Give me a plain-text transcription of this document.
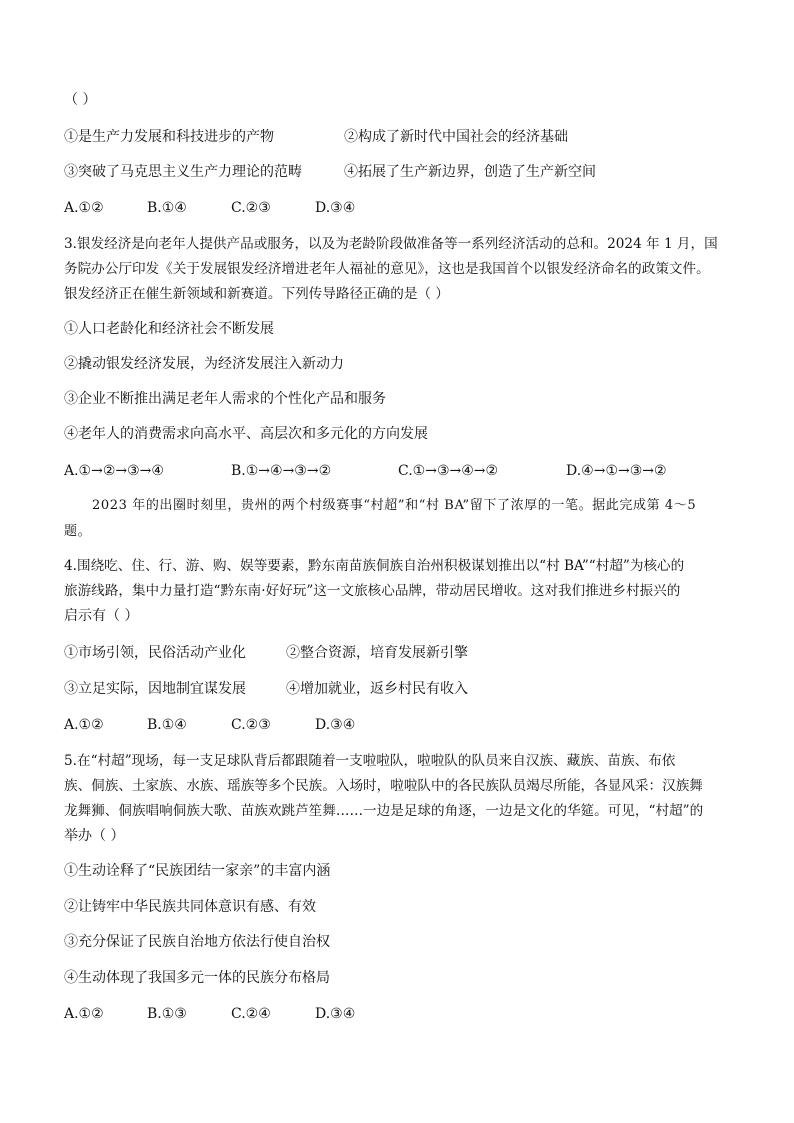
（ ）
①是生产力发展和科技进步的产物	②构成了新时代中国社会的经济基础
③突破了马克思主义生产力理论的范畴	④拓展了生产新边界，创造了生产新空间
A.①②	B.①④	C.②③	D.③④
3.银发经济是向老年人提供产品或服务，以及为老龄阶段做准备等一系列经济活动的总和。2024 年 1 月，国
务院办公厅印发《关于发展银发经济增进老年人福祉的意见》，这也是我国首个以银发经济命名的政策文件。
银发经济正在催生新领域和新赛道。下列传导路径正确的是（ ）
①人口老龄化和经济社会不断发展
②撬动银发经济发展，为经济发展注入新动力
③企业不断推出满足老年人需求的个性化产品和服务
④老年人的消费需求向高水平、高层次和多元化的方向发展
A.①→②→③→④	B.①→④→③→②	C.①→③→④→②	D.④→①→③→②
2023 年的出圈时刻里，贵州的两个村级赛事“村超”和“村 BA”留下了浓厚的一笔。据此完成第 4～5
题。
4.围绕吃、住、行、游、购、娱等要素，黔东南苗族侗族自治州积极谋划推出以“村 BA”“村超”为核心的
旅游线路，集中力量打造“黔东南·好好玩”这一文旅核心品牌，带动居民增收。这对我们推进乡村振兴的
启示有（ ）
①市场引领，民俗活动产业化	②整合资源，培育发展新引擎
③立足实际，因地制宜谋发展	④增加就业，返乡村民有收入
A.①②	B.①④	C.②③	D.③④
5.在“村超”现场，每一支足球队背后都跟随着一支啦啦队，啦啦队的队员来自汉族、藏族、苗族、布依
族、侗族、土家族、水族、瑶族等多个民族。入场时，啦啦队中的各民族队员竭尽所能，各显风采：汉族舞
龙舞狮、侗族唱响侗族大歌、苗族欢跳芦笙舞……一边是足球的角逐，一边是文化的华筵。可见，“村超”的
举办（ ）
①生动诠释了“民族团结一家亲”的丰富内涵
②让铸牢中华民族共同体意识有感、有效
③充分保证了民族自治地方依法行使自治权
④生动体现了我国多元一体的民族分布格局
A.①②	B.①③	C.②④	D.③④
